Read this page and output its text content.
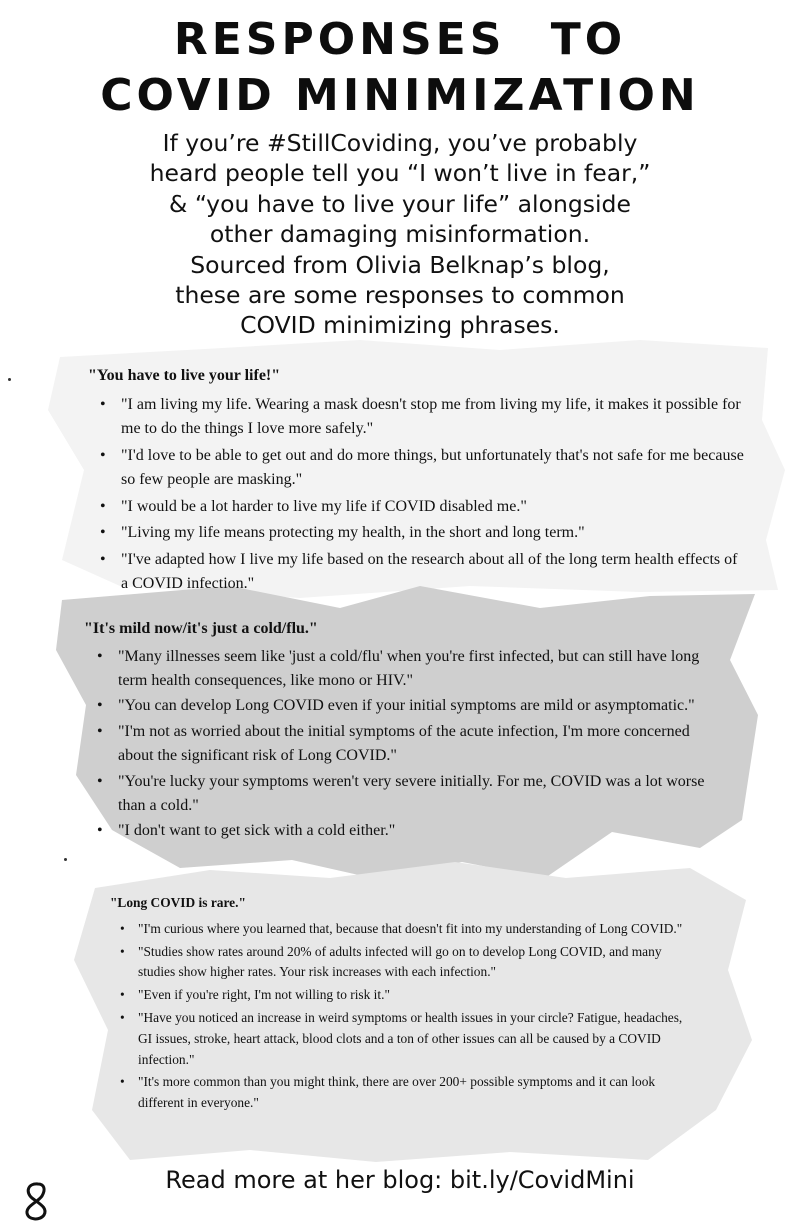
RESPONSES TO
COVID MINIMIZATION
If you’re #StillCoviding, you’ve probably
heard people tell you “I won’t live in fear,”
& “you have to live your life” alongside
other damaging misinformation.
Sourced from Olivia Belknap’s blog,
these are some responses to common
COVID minimizing phrases.
"You have to live your life!"
• "I am living my life. Wearing a mask doesn't stop me from living my life, it makes it possible for me to do the things I love more safely."
• "I'd love to be able to get out and do more things, but unfortunately that's not safe for me because so few people are masking."
• "I would be a lot harder to live my life if COVID disabled me."
• "Living my life means protecting my health, in the short and long term."
• "I've adapted how I live my life based on the research about all of the long term health effects of a COVID infection."
"It's mild now/it's just a cold/flu."
• "Many illnesses seem like 'just a cold/flu' when you're first infected, but can still have long term health consequences, like mono or HIV."
• "You can develop Long COVID even if your initial symptoms are mild or asymptomatic."
• "I'm not as worried about the initial symptoms of the acute infection, I'm more concerned about the significant risk of Long COVID."
• "You're lucky your symptoms weren't very severe initially. For me, COVID was a lot worse than a cold."
• "I don't want to get sick with a cold either."
"Long COVID is rare."
• "I'm curious where you learned that, because that doesn't fit into my understanding of Long COVID."
• "Studies show rates around 20% of adults infected will go on to develop Long COVID, and many studies show higher rates. Your risk increases with each infection."
• "Even if you're right, I'm not willing to risk it."
• "Have you noticed an increase in weird symptoms or health issues in your circle? Fatigue, headaches, GI issues, stroke, heart attack, blood clots and a ton of other issues can all be caused by a COVID infection."
• "It's more common than you might think, there are over 200+ possible symptoms and it can look different in everyone."
Read more at her blog: bit.ly/CovidMini
